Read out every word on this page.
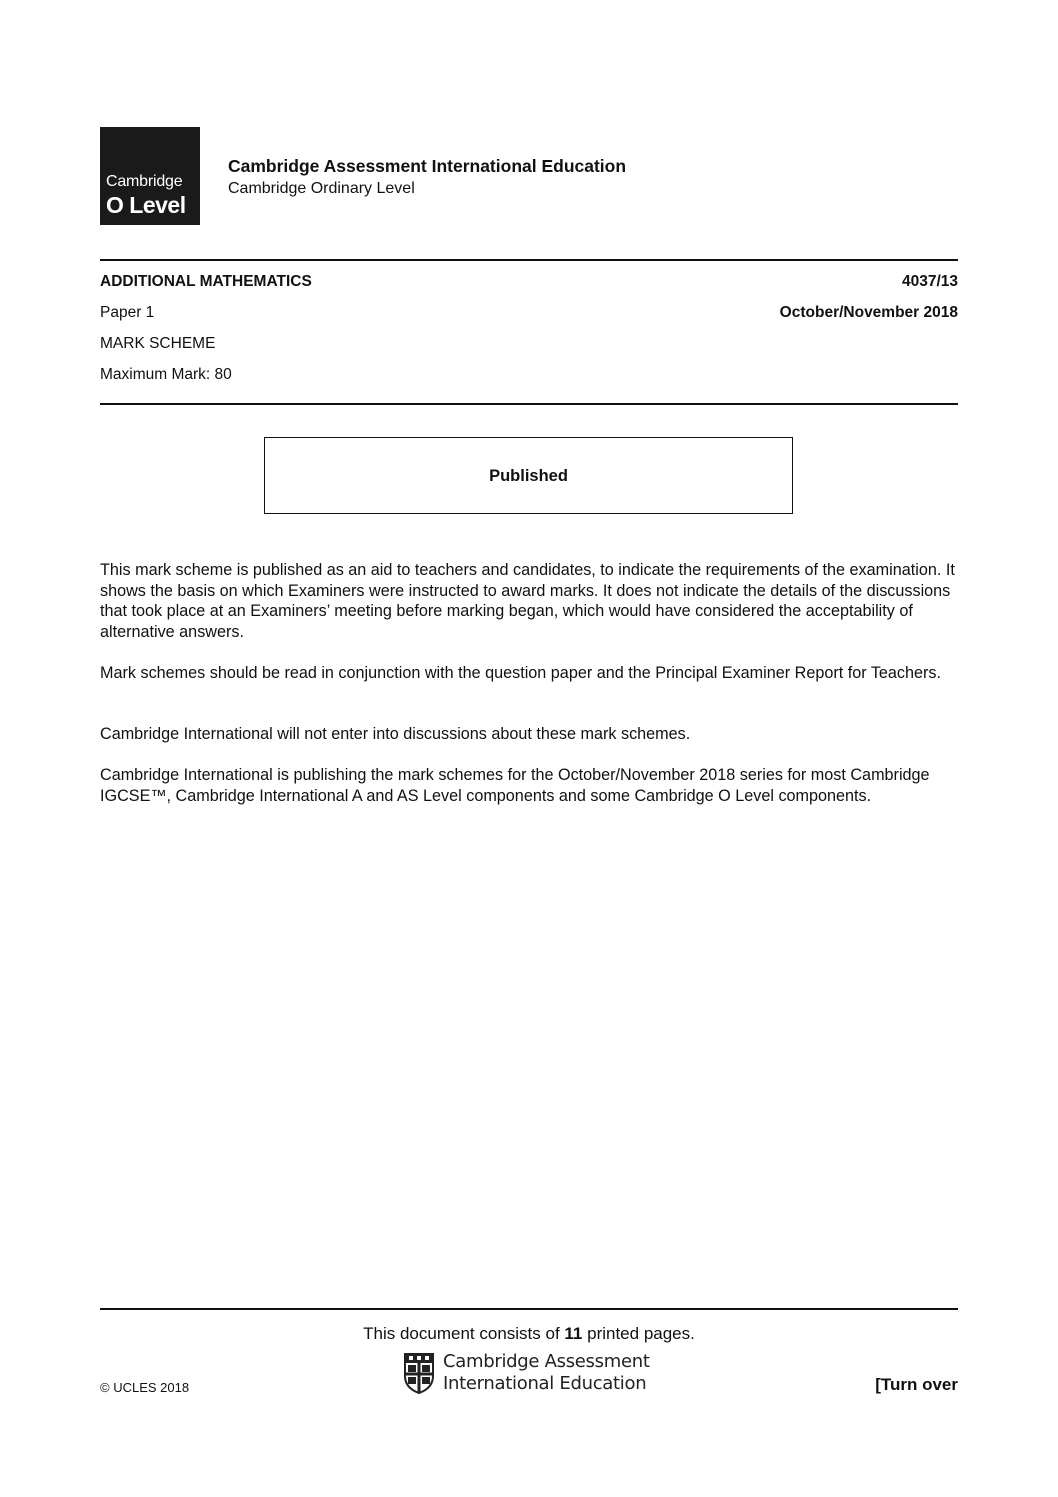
Cambridge
O Level
Cambridge Assessment International Education
Cambridge Ordinary Level
ADDITIONAL MATHEMATICS	4037/13
Paper 1	October/November 2018
MARK SCHEME
Maximum Mark: 80
Published
This mark scheme is published as an aid to teachers and candidates, to indicate the requirements of the examination. It shows the basis on which Examiners were instructed to award marks. It does not indicate the details of the discussions that took place at an Examiners’ meeting before marking began, which would have considered the acceptability of alternative answers.
Mark schemes should be read in conjunction with the question paper and the Principal Examiner Report for Teachers.
Cambridge International will not enter into discussions about these mark schemes.
Cambridge International is publishing the mark schemes for the October/November 2018 series for most Cambridge IGCSE™, Cambridge International A and AS Level components and some Cambridge O Level components.
This document consists of 11 printed pages.
Cambridge Assessment
International Education
© UCLES 2018	[Turn over
